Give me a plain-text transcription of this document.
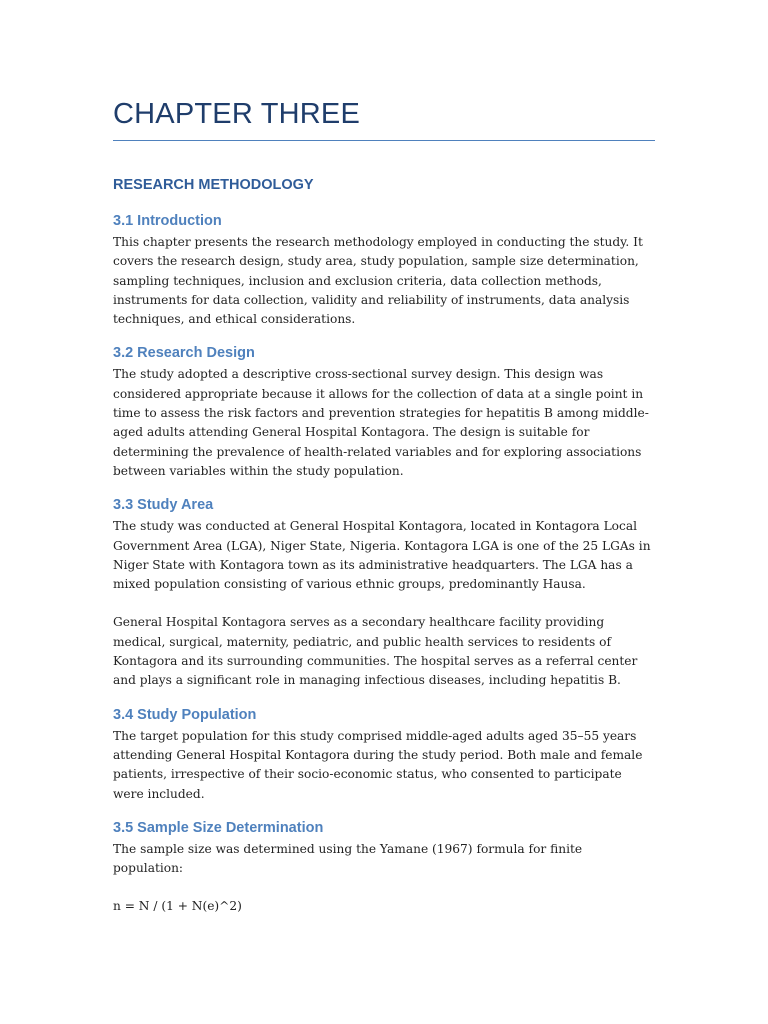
CHAPTER THREE
RESEARCH METHODOLOGY
3.1 Introduction

This chapter presents the research methodology employed in conducting the study. It covers the research design, study area, study population, sample size determination, sampling techniques, inclusion and exclusion criteria, data collection methods, instruments for data collection, validity and reliability of instruments, data analysis techniques, and ethical considerations.

3.2 Research Design

The study adopted a descriptive cross-sectional survey design. This design was considered appropriate because it allows for the collection of data at a single point in time to assess the risk factors and prevention strategies for hepatitis B among middle-aged adults attending General Hospital Kontagora. The design is suitable for determining the prevalence of health-related variables and for exploring associations between variables within the study population.

3.3 Study Area

The study was conducted at General Hospital Kontagora, located in Kontagora Local Government Area (LGA), Niger State, Nigeria. Kontagora LGA is one of the 25 LGAs in Niger State with Kontagora town as its administrative headquarters. The LGA has a mixed population consisting of various ethnic groups, predominantly Hausa.

General Hospital Kontagora serves as a secondary healthcare facility providing medical, surgical, maternity, pediatric, and public health services to residents of Kontagora and its surrounding communities. The hospital serves as a referral center and plays a significant role in managing infectious diseases, including hepatitis B.

3.4 Study Population

The target population for this study comprised middle-aged adults aged 35–55 years attending General Hospital Kontagora during the study period. Both male and female patients, irrespective of their socio-economic status, who consented to participate were included.

3.5 Sample Size Determination

The sample size was determined using the Yamane (1967) formula for finite population:

n = N / (1 + N(e)^2)
